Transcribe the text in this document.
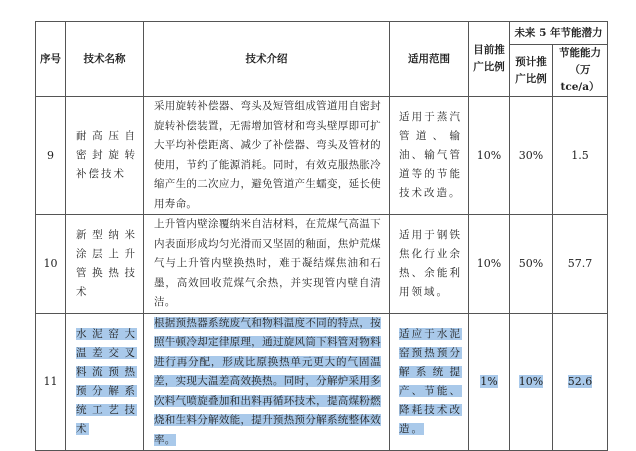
序号	技术名称	技术介绍	适用范围	目前推广比例	未来 5 年节能潜力	
					预计推广比例	节能能力（万 tce/a）
9	耐高压自密封旋转补偿技术	采用旋转补偿器、弯头及短管组成管道用自密封旋转补偿装置，无需增加管材和弯头壁厚即可扩大平均补偿距离、减少了补偿器、弯头及管材的使用，节约了能源消耗。同时，有效克服热胀冷缩产生的二次应力，避免管道产生蠕变，延长使用寿命。	适用于蒸汽管道、输油、输气管道等的节能技术改造。	10%	30%	1.5
10	新型纳米涂层上升管换热技术	上升管内壁涂覆纳米自洁材料，在荒煤气高温下内表面形成均匀光滑而又坚固的釉面，焦炉荒煤气与上升管内壁换热时，难于凝结煤焦油和石墨，高效回收荒煤气余热，并实现管内壁自清洁。	适用于钢铁焦化行业余热、余能利用领域。	10%	50%	57.7
11	水泥窑大温差交叉料流预热预分解系统工艺技术	根据预热器系统废气和物料温度不同的特点，按照牛顿冷却定律原理，通过旋风筒下料管对物料进行再分配，形成比原换热单元更大的气固温差，实现大温差高效换热。同时，分解炉采用多次料气喷旋叠加和出料再循环技术，提高煤粉燃烧和生料分解效能，提升预热预分解系统整体效率。	适应于水泥窑预热预分解系统提产、节能、降耗技术改造。	1%	10%	52.6
